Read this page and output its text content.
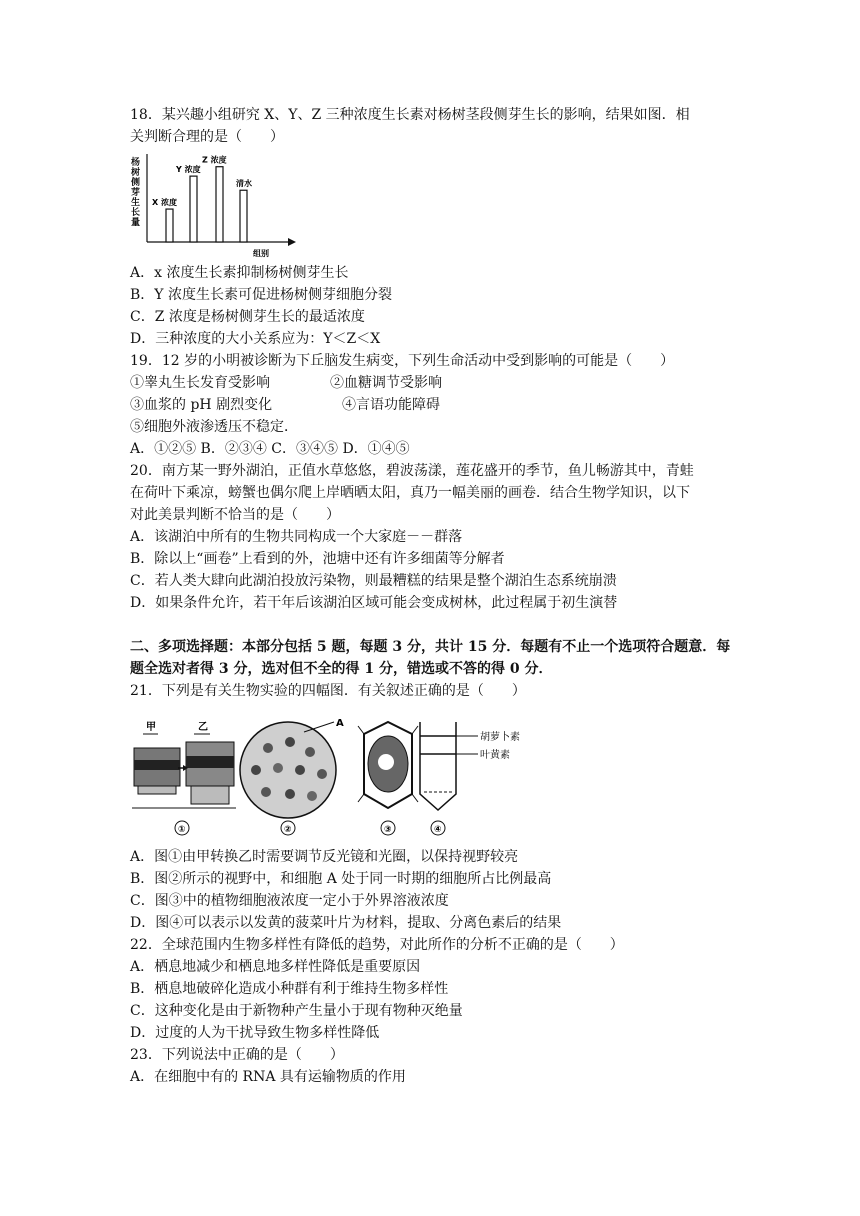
18．某兴趣小组研究 X、Y、Z 三种浓度生长素对杨树茎段侧芽生长的影响，结果如图．相
关判断合理的是（　　）
X 浓度
Y 浓度
Z 浓度
清水
组别
杨树侧芽生长量
A．x 浓度生长素抑制杨树侧芽生长
B．Y 浓度生长素可促进杨树侧芽细胞分裂
C．Z 浓度是杨树侧芽生长的最适浓度
D．三种浓度的大小关系应为：Y＜Z＜X
19．12 岁的小明被诊断为下丘脑发生病变，下列生命活动中受到影响的可能是（　　）
①睾丸生长发育受影响	②血糖调节受影响
③血浆的 pH 剧烈变化	④言语功能障碍
⑤细胞外液渗透压不稳定．
A．①②⑤ B．②③④ C．③④⑤ D．①④⑤
20．南方某一野外湖泊，正值水草悠悠，碧波荡漾，莲花盛开的季节，鱼儿畅游其中，青蛙
在荷叶下乘凉，螃蟹也偶尔爬上岸晒晒太阳，真乃一幅美丽的画卷．结合生物学知识，以下
对此美景判断不恰当的是（　　）
A．该湖泊中所有的生物共同构成一个大家庭－－群落
B．除以上“画卷”上看到的外，池塘中还有许多细菌等分解者
C．若人类大肆向此湖泊投放污染物，则最糟糕的结果是整个湖泊生态系统崩溃
D．如果条件允许，若干年后该湖泊区域可能会变成树林，此过程属于初生演替
二、多项选择题：本部分包括 5 题，每题 3 分，共计 15 分．每题有不止一个选项符合题意．每
题全选对者得 3 分，选对但不全的得 1 分，错选或不答的得 0 分．
21．下列是有关生物实验的四幅图．有关叙述正确的是（　　）
甲	乙
①
A
②	③
胡萝卜素
叶黄素
④
A．图①由甲转换乙时需要调节反光镜和光圈，以保持视野较亮
B．图②所示的视野中，和细胞 A 处于同一时期的细胞所占比例最高
C．图③中的植物细胞液浓度一定小于外界溶液浓度
D．图④可以表示以发黄的菠菜叶片为材料，提取、分离色素后的结果
22．全球范围内生物多样性有降低的趋势，对此所作的分析不正确的是（　　）
A．栖息地减少和栖息地多样性降低是重要原因
B．栖息地破碎化造成小种群有利于维持生物多样性
C．这种变化是由于新物种产生量小于现有物种灭绝量
D．过度的人为干扰导致生物多样性降低
23．下列说法中正确的是（　　）
A．在细胞中有的 RNA 具有运输物质的作用
